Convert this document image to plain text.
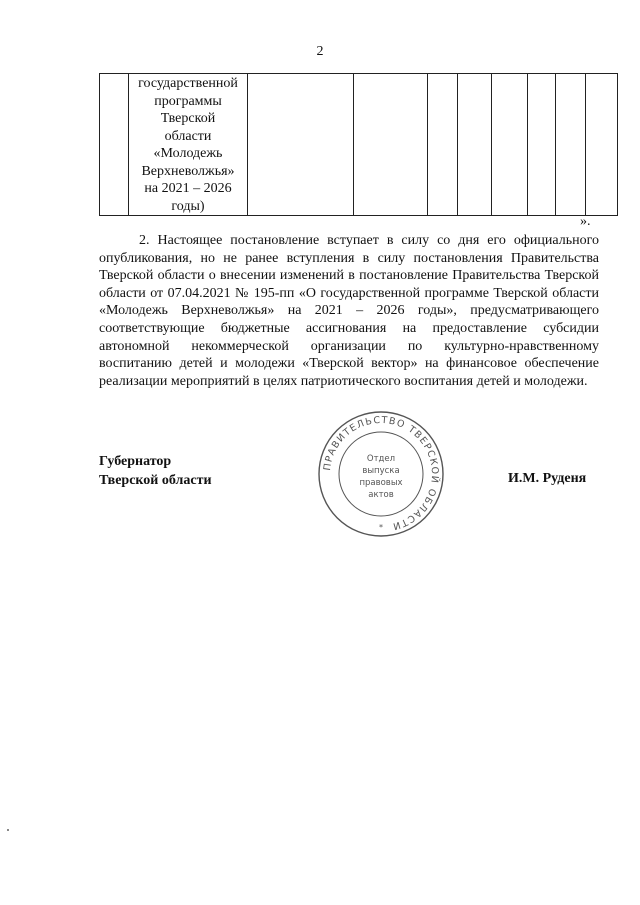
2

государственной
программы
Тверской
области
«Молодежь
Верхневолжья»
на 2021 – 2026
годы)

».

2. Настоящее постановление вступает в силу со дня его официального опубликования, но не ранее вступления в силу постановления Правительства Тверской области о внесении изменений в постановление Правительства Тверской области от 07.04.2021 № 195-пп «О государственной программе Тверской области «Молодежь Верхневолжья» на 2021 – 2026 годы», предусматривающего соответствующие бюджетные ассигнования на предоставление субсидии автономной некоммерческой организации по культурно-нравственному воспитанию детей и молодежи «Тверской вектор» на финансовое обеспечение реализации мероприятий в целях патриотического воспитания детей и молодежи.

Губернатор
Тверской области	И.М. Руденя
ПРАВИТЕЛЬСТВО ТВЕРСКОЙ ОБЛАСТИ
Отдел
выпуска
правовых
актов
*
